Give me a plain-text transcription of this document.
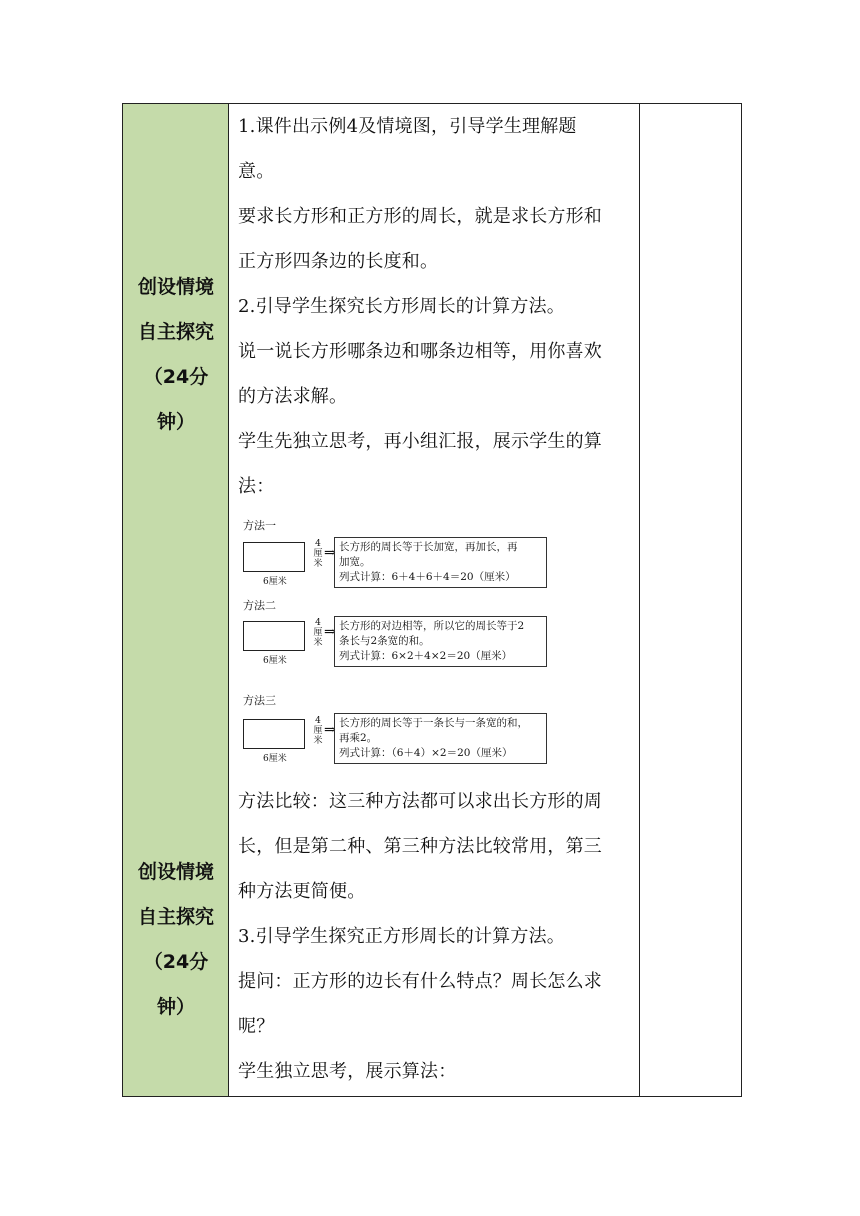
创设情境
自主探究
（24分
钟）
创设情境
自主探究
（24分
钟）
1.课件出示例4及情境图，引导学生理解题
意。
要求长方形和正方形的周长，就是求长方形和
正方形四条边的长度和。
2.引导学生探究长方形周长的计算方法。
说一说长方形哪条边和哪条边相等，用你喜欢
的方法求解。
学生先独立思考，再小组汇报，展示学生的算
法：
方法一
4厘米
⇒
6厘米
长方形的周长等于长加宽，再加长，再
加宽。
列式计算：6＋4＋6＋4＝20（厘米）
方法二
4厘米
⇒
6厘米
长方形的对边相等，所以它的周长等于2
条长与2条宽的和。
列式计算：6×2＋4×2＝20（厘米）
方法三
4厘米
⇒
6厘米
长方形的周长等于一条长与一条宽的和，
再乘2。
列式计算：（6＋4）×2＝20（厘米）
方法比较：这三种方法都可以求出长方形的周
长，但是第二种、第三种方法比较常用，第三
种方法更简便。
3.引导学生探究正方形周长的计算方法。
提问：正方形的边长有什么特点？周长怎么求
呢？
学生独立思考，展示算法：
